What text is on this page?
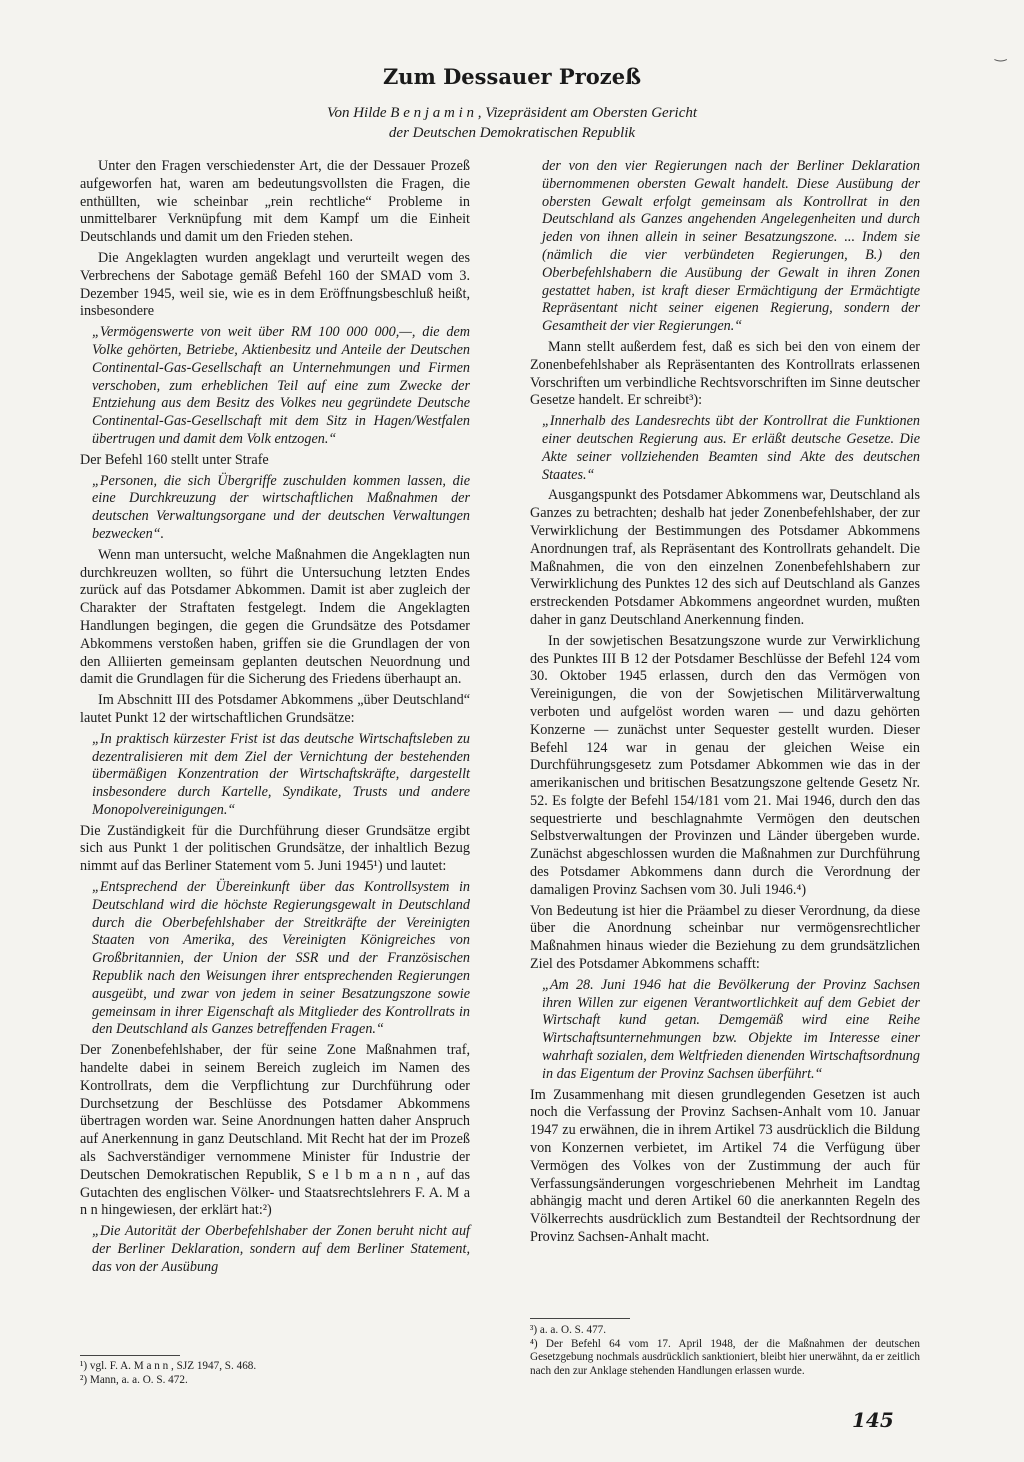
‿
Zum Dessauer Prozeß
Von Hilde B e n j a m i n , Vizepräsident am Obersten Gericht
der Deutschen Demokratischen Republik

Unter den Fragen verschiedenster Art, die der Dessauer Prozeß aufgeworfen hat, waren am bedeutungsvollsten die Fragen, die enthüllten, wie scheinbar „rein rechtliche“ Probleme in unmittelbarer Verknüpfung mit dem Kampf um die Einheit Deutschlands und damit um den Frieden stehen.

Die Angeklagten wurden angeklagt und verurteilt wegen des Verbrechens der Sabotage gemäß Befehl 160 der SMAD vom 3. Dezember 1945, weil sie, wie es in dem Eröffnungsbeschluß heißt, insbesondere

„Vermögenswerte von weit über RM 100 000 000,—, die dem Volke gehörten, Betriebe, Aktienbesitz und Anteile der Deutschen Continental-Gas-Gesellschaft an Unternehmungen und Firmen verschoben, zum erheblichen Teil auf eine zum Zwecke der Entziehung aus dem Besitz des Volkes neu gegründete Deutsche Continental-Gas-Gesellschaft mit dem Sitz in Hagen/Westfalen übertrugen und damit dem Volk entzogen.“

Der Befehl 160 stellt unter Strafe

„Personen, die sich Übergriffe zuschulden kommen lassen, die eine Durchkreuzung der wirtschaftlichen Maßnahmen der deutschen Verwaltungsorgane und der deutschen Verwaltungen bezwecken“.

Wenn man untersucht, welche Maßnahmen die Angeklagten nun durchkreuzen wollten, so führt die Untersuchung letzten Endes zurück auf das Potsdamer Abkommen. Damit ist aber zugleich der Charakter der Straftaten festgelegt. Indem die Angeklagten Handlungen begingen, die gegen die Grundsätze des Potsdamer Abkommens verstoßen haben, griffen sie die Grundlagen der von den Alliierten gemeinsam geplanten deutschen Neuordnung und damit die Grundlagen für die Sicherung des Friedens überhaupt an.

Im Abschnitt III des Potsdamer Abkommens „über Deutschland“ lautet Punkt 12 der wirtschaftlichen Grundsätze:

„In praktisch kürzester Frist ist das deutsche Wirtschaftsleben zu dezentralisieren mit dem Ziel der Vernichtung der bestehenden übermäßigen Konzentration der Wirtschaftskräfte, dargestellt insbesondere durch Kartelle, Syndikate, Trusts und andere Monopolvereinigungen.“

Die Zuständigkeit für die Durchführung dieser Grundsätze ergibt sich aus Punkt 1 der politischen Grundsätze, der inhaltlich Bezug nimmt auf das Berliner Statement vom 5. Juni 1945¹) und lautet:

„Entsprechend der Übereinkunft über das Kontrollsystem in Deutschland wird die höchste Regierungsgewalt in Deutschland durch die Oberbefehlshaber der Streitkräfte der Vereinigten Staaten von Amerika, des Vereinigten Königreiches von Großbritannien, der Union der SSR und der Französischen Republik nach den Weisungen ihrer entsprechenden Regierungen ausgeübt, und zwar von jedem in seiner Besatzungszone sowie gemeinsam in ihrer Eigenschaft als Mitglieder des Kontrollrats in den Deutschland als Ganzes betreffenden Fragen.“

Der Zonenbefehlshaber, der für seine Zone Maßnahmen traf, handelte dabei in seinem Bereich zugleich im Namen des Kontrollrats, dem die Verpflichtung zur Durchführung oder Durchsetzung der Beschlüsse des Potsdamer Abkommens übertragen worden war. Seine Anordnungen hatten daher Anspruch auf Anerkennung in ganz Deutschland. Mit Recht hat der im Prozeß als Sachverständiger vernommene Minister für Industrie der Deutschen Demokratischen Republik, S e l b m a n n , auf das Gutachten des englischen Völker- und Staatsrechtslehrers F. A. M a n n hingewiesen, der erklärt hat:²)

„Die Autorität der Oberbefehlshaber der Zonen beruht nicht auf der Berliner Deklaration, sondern auf dem Berliner Statement, das von der Ausübung

der von den vier Regierungen nach der Berliner Deklaration übernommenen obersten Gewalt handelt. Diese Ausübung der obersten Gewalt erfolgt gemeinsam als Kontrollrat in den Deutschland als Ganzes angehenden Angelegenheiten und durch jeden von ihnen allein in seiner Besatzungszone. ... Indem sie (nämlich die vier verbündeten Regierungen, B.) den Oberbefehlshabern die Ausübung der Gewalt in ihren Zonen gestattet haben, ist kraft dieser Ermächtigung der Ermächtigte Repräsentant nicht seiner eigenen Regierung, sondern der Gesamtheit der vier Regierungen.“

Mann stellt außerdem fest, daß es sich bei den von einem der Zonenbefehlshaber als Repräsentanten des Kontrollrats erlassenen Vorschriften um verbindliche Rechtsvorschriften im Sinne deutscher Gesetze handelt. Er schreibt³):

„Innerhalb des Landesrechts übt der Kontrollrat die Funktionen einer deutschen Regierung aus. Er erläßt deutsche Gesetze. Die Akte seiner vollziehenden Beamten sind Akte des deutschen Staates.“

Ausgangspunkt des Potsdamer Abkommens war, Deutschland als Ganzes zu betrachten; deshalb hat jeder Zonenbefehlshaber, der zur Verwirklichung der Bestimmungen des Potsdamer Abkommens Anordnungen traf, als Repräsentant des Kontrollrats gehandelt. Die Maßnahmen, die von den einzelnen Zonenbefehlshabern zur Verwirklichung des Punktes 12 des sich auf Deutschland als Ganzes erstreckenden Potsdamer Abkommens angeordnet wurden, mußten daher in ganz Deutschland Anerkennung finden.

In der sowjetischen Besatzungszone wurde zur Verwirklichung des Punktes III B 12 der Potsdamer Beschlüsse der Befehl 124 vom 30. Oktober 1945 erlassen, durch den das Vermögen von Vereinigungen, die von der Sowjetischen Militärverwaltung verboten und aufgelöst worden waren — und dazu gehörten Konzerne — zunächst unter Sequester gestellt wurden. Dieser Befehl 124 war in genau der gleichen Weise ein Durchführungsgesetz zum Potsdamer Abkommen wie das in der amerikanischen und britischen Besatzungszone geltende Gesetz Nr. 52. Es folgte der Befehl 154/181 vom 21. Mai 1946, durch den das sequestrierte und beschlagnahmte Vermögen den deutschen Selbstverwaltungen der Provinzen und Länder übergeben wurde. Zunächst abgeschlossen wurden die Maßnahmen zur Durchführung des Potsdamer Abkommens dann durch die Verordnung der damaligen Provinz Sachsen vom 30. Juli 1946.⁴)

Von Bedeutung ist hier die Präambel zu dieser Verordnung, da diese über die Anordnung scheinbar nur vermögensrechtlicher Maßnahmen hinaus wieder die Beziehung zu dem grundsätzlichen Ziel des Potsdamer Abkommens schafft:

„Am 28. Juni 1946 hat die Bevölkerung der Provinz Sachsen ihren Willen zur eigenen Verantwortlichkeit auf dem Gebiet der Wirtschaft kund getan. Demgemäß wird eine Reihe Wirtschaftsunternehmungen bzw. Objekte im Interesse einer wahrhaft sozialen, dem Weltfrieden dienenden Wirtschaftsordnung in das Eigentum der Provinz Sachsen überführt.“

Im Zusammenhang mit diesen grundlegenden Gesetzen ist auch noch die Verfassung der Provinz Sachsen-Anhalt vom 10. Januar 1947 zu erwähnen, die in ihrem Artikel 73 ausdrücklich die Bildung von Konzernen verbietet, im Artikel 74 die Verfügung über Vermögen des Volkes von der Zustimmung der auch für Verfassungsänderungen vorgeschriebenen Mehrheit im Landtag abhängig macht und deren Artikel 60 die anerkannten Regeln des Völkerrechts ausdrücklich zum Bestandteil der Rechtsordnung der Provinz Sachsen-Anhalt macht.

¹) vgl. F. A. M a n n , SJZ 1947, S. 468.

²) Mann, a. a. O. S. 472.

³) a. a. O. S. 477.

⁴) Der Befehl 64 vom 17. April 1948, der die Maßnahmen der deutschen Gesetzgebung nochmals ausdrücklich sanktioniert, bleibt hier unerwähnt, da er zeitlich nach den zur Anklage stehenden Handlungen erlassen wurde.

145
